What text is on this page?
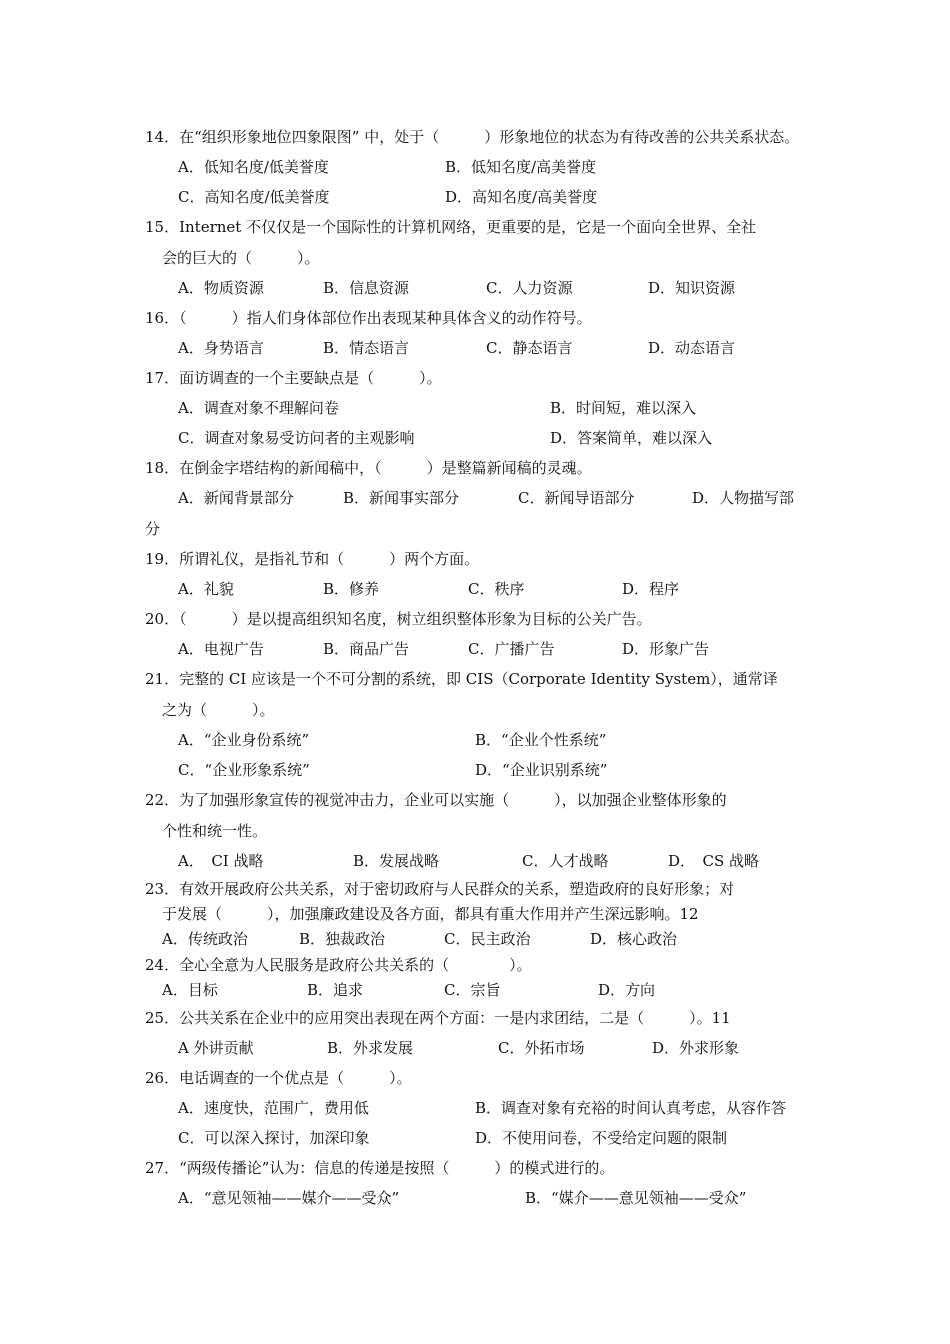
14．在“组织形象地位四象限图” 中，处于（　　　）形象地位的状态为有待改善的公共关系状态。
A．低知名度/低美誉度	B．低知名度/高美誉度
C．高知名度/低美誉度	D．高知名度/高美誉度
15．Internet 不仅仅是一个国际性的计算机网络，更重要的是，它是一个面向全世界、全社
会的巨大的（　　　）。
A．物质资源	B．信息资源	C．人力资源	D．知识资源
16．（　　　）指人们身体部位作出表现某种具体含义的动作符号。
A．身势语言	B．情态语言	C．静态语言	D．动态语言
17．面访调查的一个主要缺点是（　　　）。
A．调查对象不理解问卷	B．时间短，难以深入
C．调查对象易受访问者的主观影响	D．答案简单，难以深入
18．在倒金字塔结构的新闻稿中，（　　　）是整篇新闻稿的灵魂。
A．新闻背景部分	B．新闻事实部分	C．新闻导语部分	D．人物描写部
分
19．所谓礼仪，是指礼节和（　　　）两个方面。
A．礼貌	B．修养	C．秩序	D．程序
20．（　　　）是以提高组织知名度，树立组织整体形象为目标的公关广告。
A．电视广告	B．商品广告	C．广播广告	D．形象广告
21．完整的 CI 应该是一个不可分割的系统，即 CIS（Corporate Identity System），通常译
之为（　　　）。
A．“企业身份系统”	B．“企业个性系统”
C．“企业形象系统”	D．“企业识别系统”
22．为了加强形象宣传的视觉冲击力，企业可以实施（　　　），以加强企业整体形象的
个性和统一性。
A．　CI 战略	B．发展战略	C．人才战略	D．　CS 战略
23．有效开展政府公共关系，对于密切政府与人民群众的关系，塑造政府的良好形象；对
于发展（　　　），加强廉政建设及各方面，都具有重大作用并产生深远影响。12
A．传统政治	B．独裁政治	C．民主政治	D．核心政治
24．全心全意为人民服务是政府公共关系的（　　　　）。
A．目标	B．追求	C．宗旨	D．方向
25．公共关系在企业中的应用突出表现在两个方面：一是内求团结，二是（　　　）。11
A 外讲贡献	B．外求发展	C．外拓市场	D．外求形象
26．电话调查的一个优点是（　　　）。
A．速度快，范围广，费用低	B．调查对象有充裕的时间认真考虑，从容作答
C．可以深入探讨，加深印象	D．不使用问卷，不受给定问题的限制
27．“两级传播论”认为：信息的传递是按照（　　　）的模式进行的。
A．“意见领袖——媒介——受众”	B．“媒介——意见领袖——受众”
